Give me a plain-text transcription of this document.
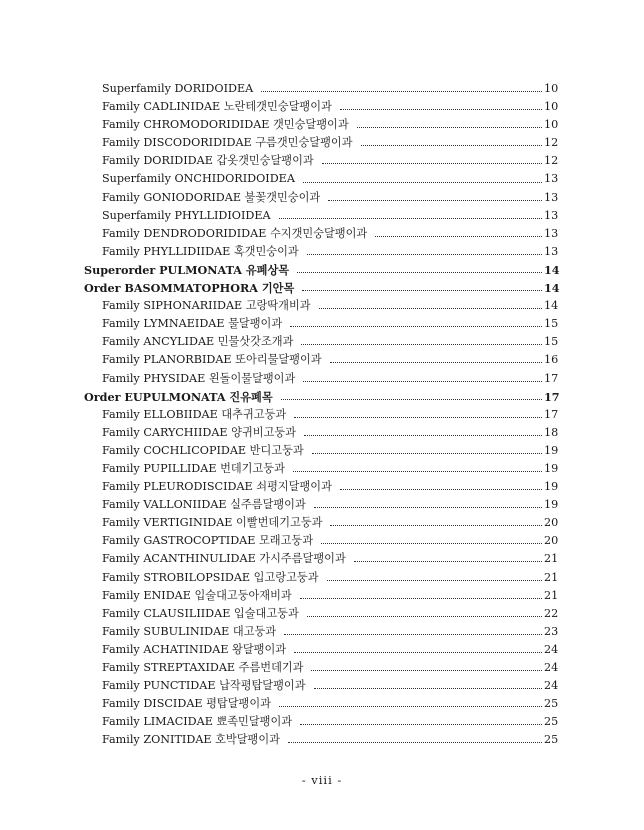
Superfamily DORIDOIDEA	10
Family CADLINIDAE 노란테갯민숭달팽이과	10
Family CHROMODORIDIDAE 갯민숭달팽이과	10
Family DISCODORIDIDAE 구름갯민숭달팽이과	12
Family DORIDIDAE 갑옷갯민숭달팽이과	12
Superfamily ONCHIDORIDOIDEA	13
Family GONIODORIDAE 불꽃갯민숭이과	13
Superfamily PHYLLIDIOIDEA	13
Family DENDRODORIDIDAE 수지갯민숭달팽이과	13
Family PHYLLIDIIDAE 혹갯민숭이과	13
Superorder PULMONATA 유폐상목	14
Order BASOMMATOPHORA 기안목	14
Family SIPHONARIIDAE 고랑딱개비과	14
Family LYMNAEIDAE 물달팽이과	15
Family ANCYLIDAE 민물삿갓조개과	15
Family PLANORBIDAE 또아리물달팽이과	16
Family PHYSIDAE 왼돌이물달팽이과	17
Order EUPULMONATA 진유폐목	17
Family ELLOBIIDAE 대추귀고둥과	17
Family CARYCHIIDAE 양귀비고둥과	18
Family COCHLICOPIDAE 반디고둥과	19
Family PUPILLIDAE 번데기고둥과	19
Family PLEURODISCIDAE 쇠평지달팽이과	19
Family VALLONIIDAE 실주름달팽이과	19
Family VERTIGINIDAE 이빨번데기고둥과	20
Family GASTROCOPTIDAE 모래고둥과	20
Family ACANTHINULIDAE 가시주름달팽이과	21
Family STROBILOPSIDAE 입고랑고둥과	21
Family ENIDAE 입술대고둥아재비과	21
Family CLAUSILIIDAE 입술대고둥과	22
Family SUBULINIDAE 대고둥과	23
Family ACHATINIDAE 왕달팽이과	24
Family STREPTAXIDAE 주름번데기과	24
Family PUNCTIDAE 납작평탑달팽이과	24
Family DISCIDAE 평탑달팽이과	25
Family LIMACIDAE 뾰족민달팽이과	25
Family ZONITIDAE 호박달팽이과	25
- viii -
